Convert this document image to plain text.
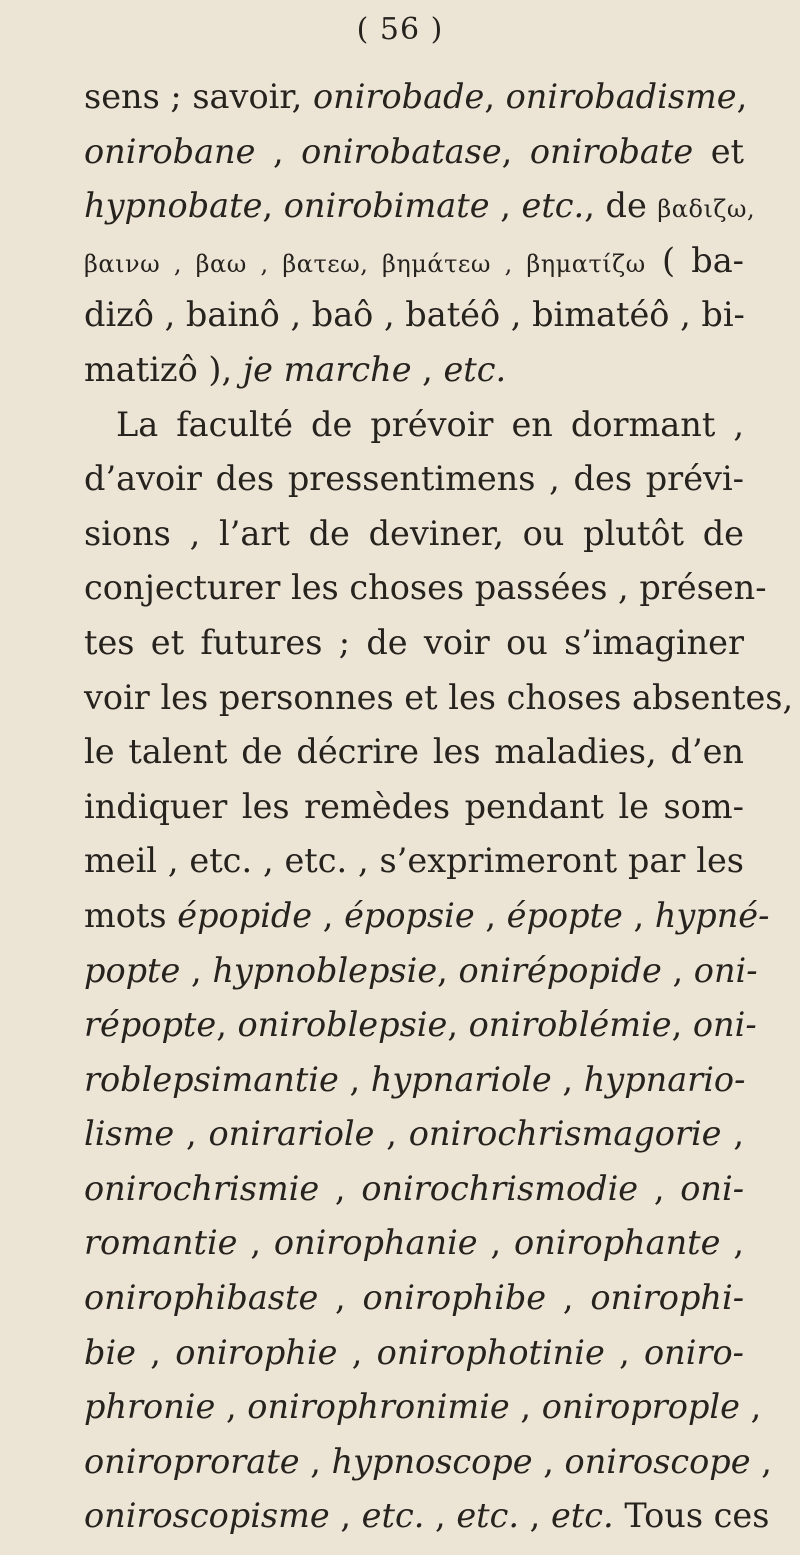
( 56 )
sens ; savoir, onirobade, onirobadisme,
onirobane , onirobatase, onirobate et
hypnobate, onirobimate , etc., de βαδιζω,
βαινω , βαω , βατεω, βημάτεω , βηματίζω ( ba-
dizô , bainô , baô , batéô , bimatéô , bi-
matizô ), je marche , etc.
La faculté de prévoir en dormant ,
d’avoir des pressentimens , des prévi-
sions , l’art de deviner, ou plutôt de
conjecturer les choses passées , présen-
tes et futures ; de voir ou s’imaginer
voir les personnes et les choses absentes,
le talent de décrire les maladies, d’en
indiquer les remèdes pendant le som-
meil , etc. , etc. , s’exprimeront par les
mots épopide , épopsie , épopte , hypné-
popte , hypnoblepsie, onirépopide , oni-
répopte, oniroblepsie, oniroblémie, oni-
roblepsimantie , hypnariole , hypnario-
lisme , onirariole , onirochrismagorie ,
onirochrismie , onirochrismodie , oni-
romantie , onirophanie , onirophante ,
onirophibaste , onirophibe , onirophi-
bie , onirophie , onirophotinie , oniro-
phronie , onirophronimie , oniroprople ,
oniroprorate , hypnoscope , oniroscope ,
oniroscopisme , etc. , etc. , etc. Tous ces
